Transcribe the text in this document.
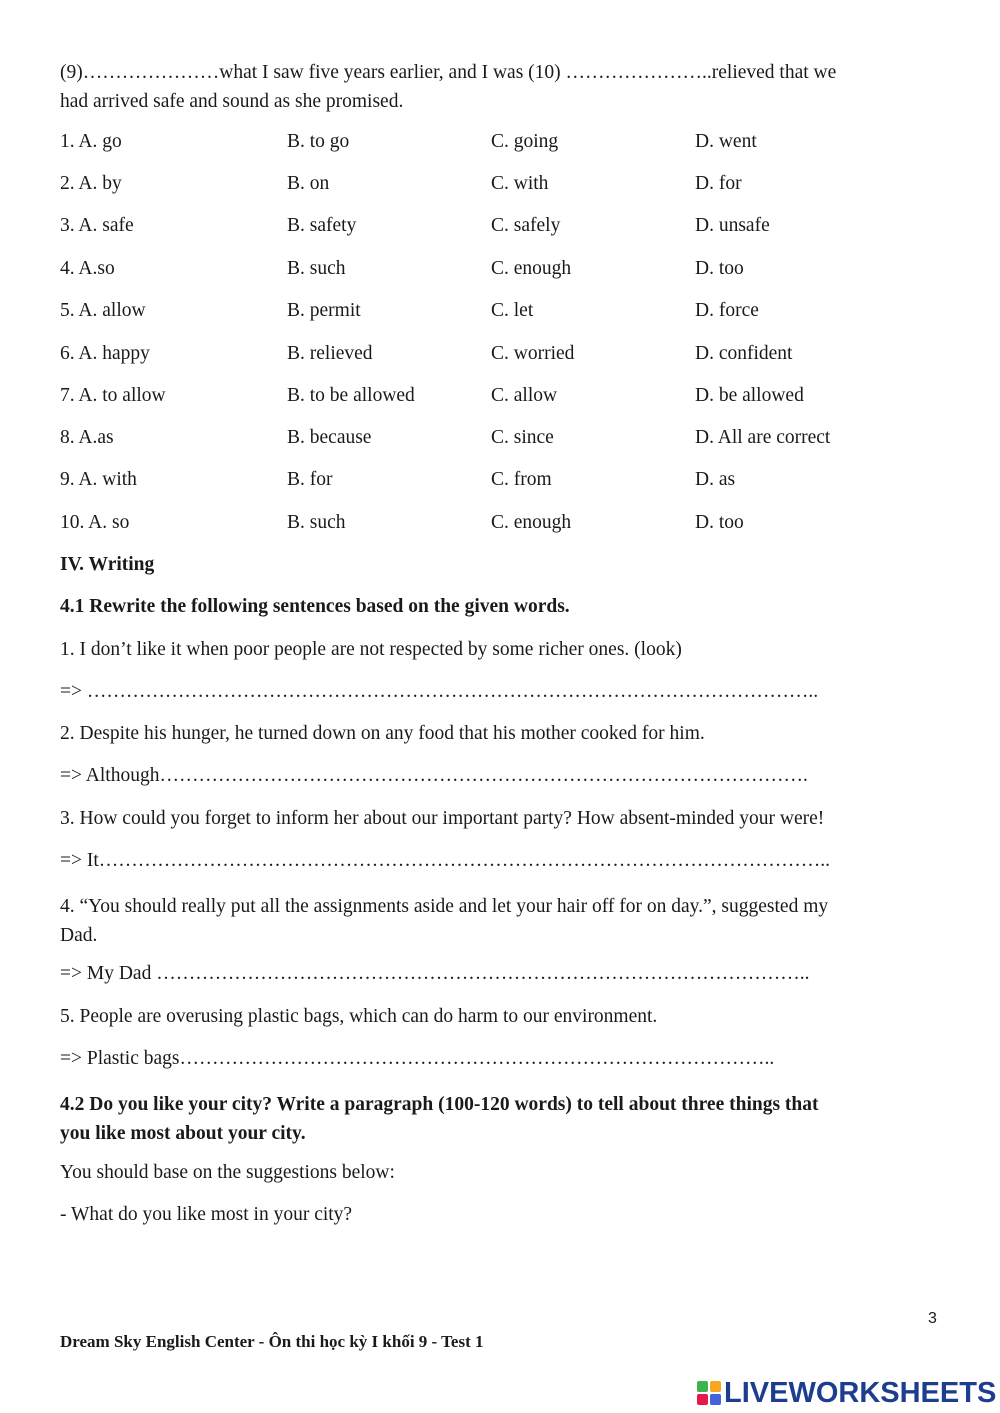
(9)…………………what I saw five years earlier, and I was (10) …………………..relieved that we
had arrived safe and sound as she promised.
1. A. go	B. to go	C. going	D. went
2. A. by	B. on	C. with	D. for
3. A. safe	B. safety	C. safely	D. unsafe
4. A.so	B. such	C. enough	D. too
5. A. allow	B. permit	C. let	D. force
6. A. happy	B. relieved	C. worried	D. confident
7. A. to allow	B. to be allowed	C. allow	D. be allowed
8. A.as	B. because	C. since	D. All are correct
9. A. with	B. for	C. from	D. as
10. A. so	B. such	C. enough	D. too
IV. Writing
4.1 Rewrite the following sentences based on the given words.
1. I don’t like it when poor people are not respected by some richer ones. (look)
=> …………………………………………………………………………………………………..
2. Despite his hunger, he turned down on any food that his mother cooked for him.
=> Although……………………………………………………………………………………….
3. How could you forget to inform her about our important party? How absent-minded your were!
=> It…………………………………………………………………………………………………..
4. “You should really put all the assignments aside and let your hair off for on day.”, suggested my
Dad.
=> My Dad ………………………………………………………………………………………..
5. People are overusing plastic bags, which can do harm to our environment.
=> Plastic bags………………………………………………………………………………..
4.2 Do you like your city? Write a paragraph (100-120 words) to tell about three things that
you like most about your city.
You should base on the suggestions below:
- What do you like most in your city?
3
Dream Sky English Center - Ôn thi học kỳ I khối 9 - Test 1
LIVEWORKSHEETS
